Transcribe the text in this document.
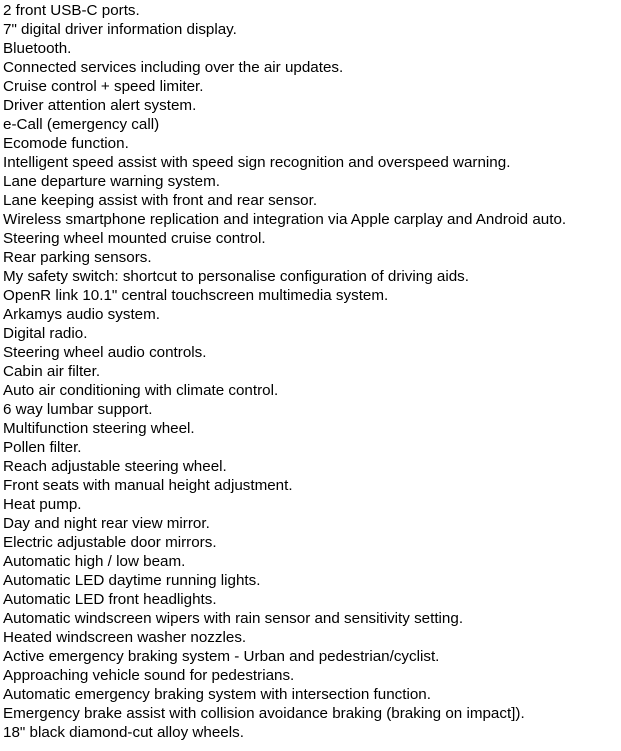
2 front USB-C ports.
7" digital driver information display.
Bluetooth.
Connected services including over the air updates.
Cruise control + speed limiter.
Driver attention alert system.
e-Call (emergency call)
Ecomode function.
Intelligent speed assist with speed sign recognition and overspeed warning.
Lane departure warning system.
Lane keeping assist with front and rear sensor.
Wireless smartphone replication and integration via Apple carplay and Android auto.
Steering wheel mounted cruise control.
Rear parking sensors.
My safety switch: shortcut to personalise configuration of driving aids.
OpenR link 10.1" central touchscreen multimedia system.
Arkamys audio system.
Digital radio.
Steering wheel audio controls.
Cabin air filter.
Auto air conditioning with climate control.
6 way lumbar support.
Multifunction steering wheel.
Pollen filter.
Reach adjustable steering wheel.
Front seats with manual height adjustment.
Heat pump.
Day and night rear view mirror.
Electric adjustable door mirrors.
Automatic high / low beam.
Automatic LED daytime running lights.
Automatic LED front headlights.
Automatic windscreen wipers with rain sensor and sensitivity setting.
Heated windscreen washer nozzles.
Active emergency braking system - Urban and pedestrian/cyclist.
Approaching vehicle sound for pedestrians.
Automatic emergency braking system with intersection function.
Emergency brake assist with collision avoidance braking (braking on impact]).
18" black diamond-cut alloy wheels.
